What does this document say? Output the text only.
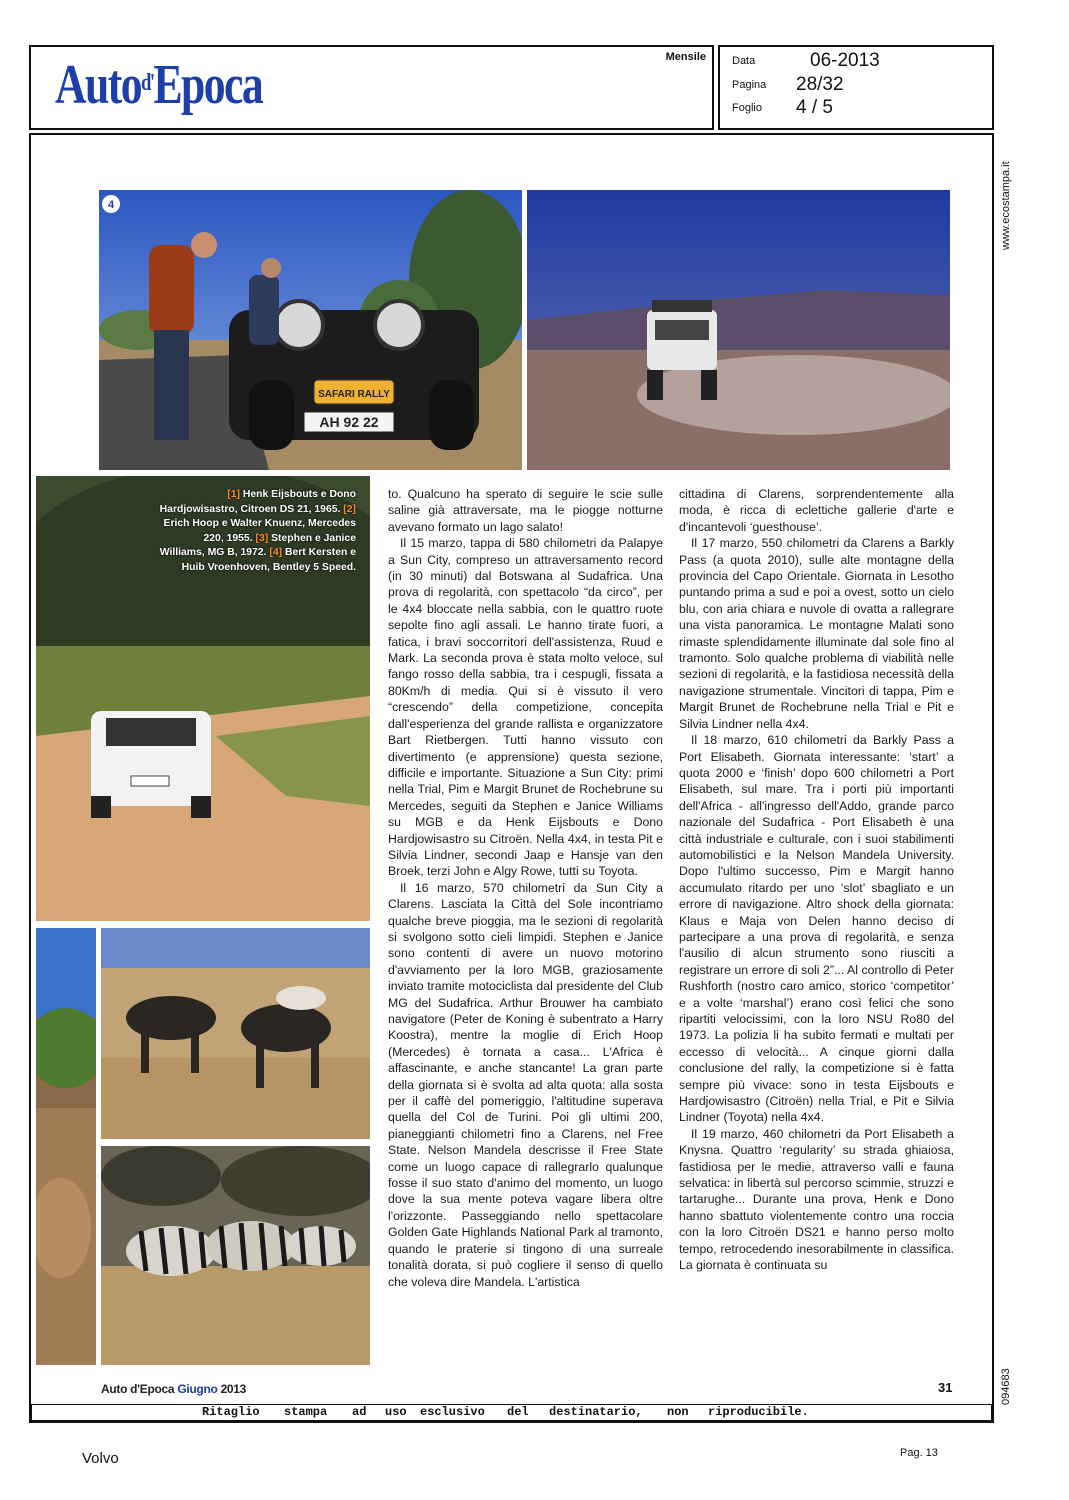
Auto$^{d'}$Epoca	Mensile Data	06-2013
Pagina 28/32
Foglio 4 / 5
www.ecostampa.it
094683
SAFARI RALLY
AH 92 22
4
[1] Henk Eijsbouts e Dono Hardjowisastro, Citroen DS 21, 1965. [2] Erich Hoop e Walter Knuenz, Mercedes 220, 1955. [3] Stephen e Janice Williams, MG B, 1972. [4] Bert Kersten e Huib Vroenhoven, Bentley 5 Speed.

to. Qualcuno ha sperato di seguire le scie sulle saline già attraversate, ma le piogge notturne avevano formato un lago salato!

Il 15 marzo, tappa di 580 chilometri da Palapye a Sun City, compreso un attraversamento record (in 30 minuti) dal Botswana al Sudafrica. Una prova di regolarità, con spettacolo “da circo”, per le 4x4 bloccate nella sabbia, con le quattro ruote sepolte fino agli assali. Le hanno tirate fuori, a fatica, i bravi soccorritori dell'assistenza, Ruud e Mark. La seconda prova è stata molto veloce, sul fango rosso della sabbia, tra i cespugli, fissata a 80Km/h di media. Qui si è vissuto il vero “crescendo” della competizione, concepita dall'esperienza del grande rallista e organizzatore Bart Rietbergen. Tutti hanno vissuto con divertimento (e apprensione) questa sezione, difficile e importante. Situazione a Sun City: primi nella Trial, Pim e Margit Brunet de Rochebrune su Mercedes, seguiti da Stephen e Janice Williams su MGB e da Henk Eijsbouts e Dono Hardjowisastro su Citroën. Nella 4x4, in testa Pit e Silvia Lindner, secondi Jaap e Hansje van den Broek, terzi John e Algy Rowe, tutti su Toyota.

Il 16 marzo, 570 chilometri da Sun City a Clarens. Lasciata la Città del Sole incontriamo qualche breve pioggia, ma le sezioni di regolarità si svolgono sotto cieli limpidi. Stephen e Janice sono contenti di avere un nuovo motorino d'avviamento per la loro MGB, graziosamente inviato tramite motociclista dal presidente del Club MG del Sudafrica. Arthur Brouwer ha cambiato navigatore (Peter de Koning è subentrato a Harry Koostra), mentre la moglie di Erich Hoop (Mercedes) è tornata a casa... L'Africa è affascinante, e anche stancante! La gran parte della giornata si è svolta ad alta quota: alla sosta per il caffè del pomeriggio, l'altitudine superava quella del Col de Turini. Poi gli ultimi 200, pianeggianti chilometri fino a Clarens, nel Free State. Nelson Mandela descrisse il Free State come un luogo capace di rallegrarlo qualunque fosse il suo stato d'animo del momento, un luogo dove la sua mente poteva vagare libera oltre l'orizzonte. Passeggiando nello spettacolare Golden Gate Highlands National Park al tramonto, quando le praterie si tingono di una surreale tonalità dorata, si può cogliere il senso di quello che voleva dire Mandela. L'artistica

cittadina di Clarens, sorprendentemente alla moda, è ricca di eclettiche gallerie d'arte e d'incantevoli ‘guesthouse’.

Il 17 marzo, 550 chilometri da Clarens a Barkly Pass (a quota 2010), sulle alte montagne della provincia del Capo Orientale. Giornata in Lesotho puntando prima a sud e poi a ovest, sotto un cielo blu, con aria chiara e nuvole di ovatta a rallegrare una vista panoramica. Le montagne Malati sono rimaste splendidamente illuminate dal sole fino al tramonto. Solo qualche problema di viabilità nelle sezioni di regolarità, e la fastidiosa necessità della navigazione strumentale. Vincitori di tappa, Pim e Margit Brunet de Rochebrune nella Trial e Pit e Silvia Lindner nella 4x4.

Il 18 marzo, 610 chilometri da Barkly Pass a Port Elisabeth. Giornata interessante: ‘start’ a quota 2000 e ‘finish’ dopo 600 chilometri a Port Elisabeth, sul mare. Tra i porti più importanti dell'Africa - all'ingresso dell'Addo, grande parco nazionale del Sudafrica - Port Elisabeth è una città industriale e culturale, con i suoi stabilimenti automobilistici e la Nelson Mandela University. Dopo l'ultimo successo, Pim e Margit hanno accumulato ritardo per uno ‘slot’ sbagliato e un errore di navigazione. Altro shock della giornata: Klaus e Maja von Delen hanno deciso di partecipare a una prova di regolarità, e senza l'ausilio di alcun strumento sono riusciti a registrare un errore di soli 2”... Al controllo di Peter Rushforth (nostro caro amico, storico ‘competitor’ e a volte ‘marshal’) erano così felici che sono ripartiti velocissimi, con la loro NSU Ro80 del 1973. La polizia li ha subito fermati e multati per eccesso di velocità... A cinque giorni dalla conclusione del rally, la competizione si è fatta sempre più vivace: sono in testa Eijsbouts e Hardjowisastro (Citroën) nella Trial, e Pit e Silvia Lindner (Toyota) nella 4x4.

Il 19 marzo, 460 chilometri da Port Elisabeth a Knysna. Quattro ‘regularity’ su strada ghiaiosa, fastidiosa per le medie, attraverso valli e fauna selvatica: in libertà sul percorso scimmie, struzzi e tartarughe... Durante una prova, Henk e Dono hanno sbattuto violentemente contro una roccia con la loro Citroën DS21 e hanno perso molto tempo, retrocedendo inesorabilmente in classifica. La giornata è continuata su

Auto d'Epoca Giugno 2013	31
Ritaglio stampa ad uso esclusivo del destinatario, non riproducibile.
Volvo	Pag. 13
